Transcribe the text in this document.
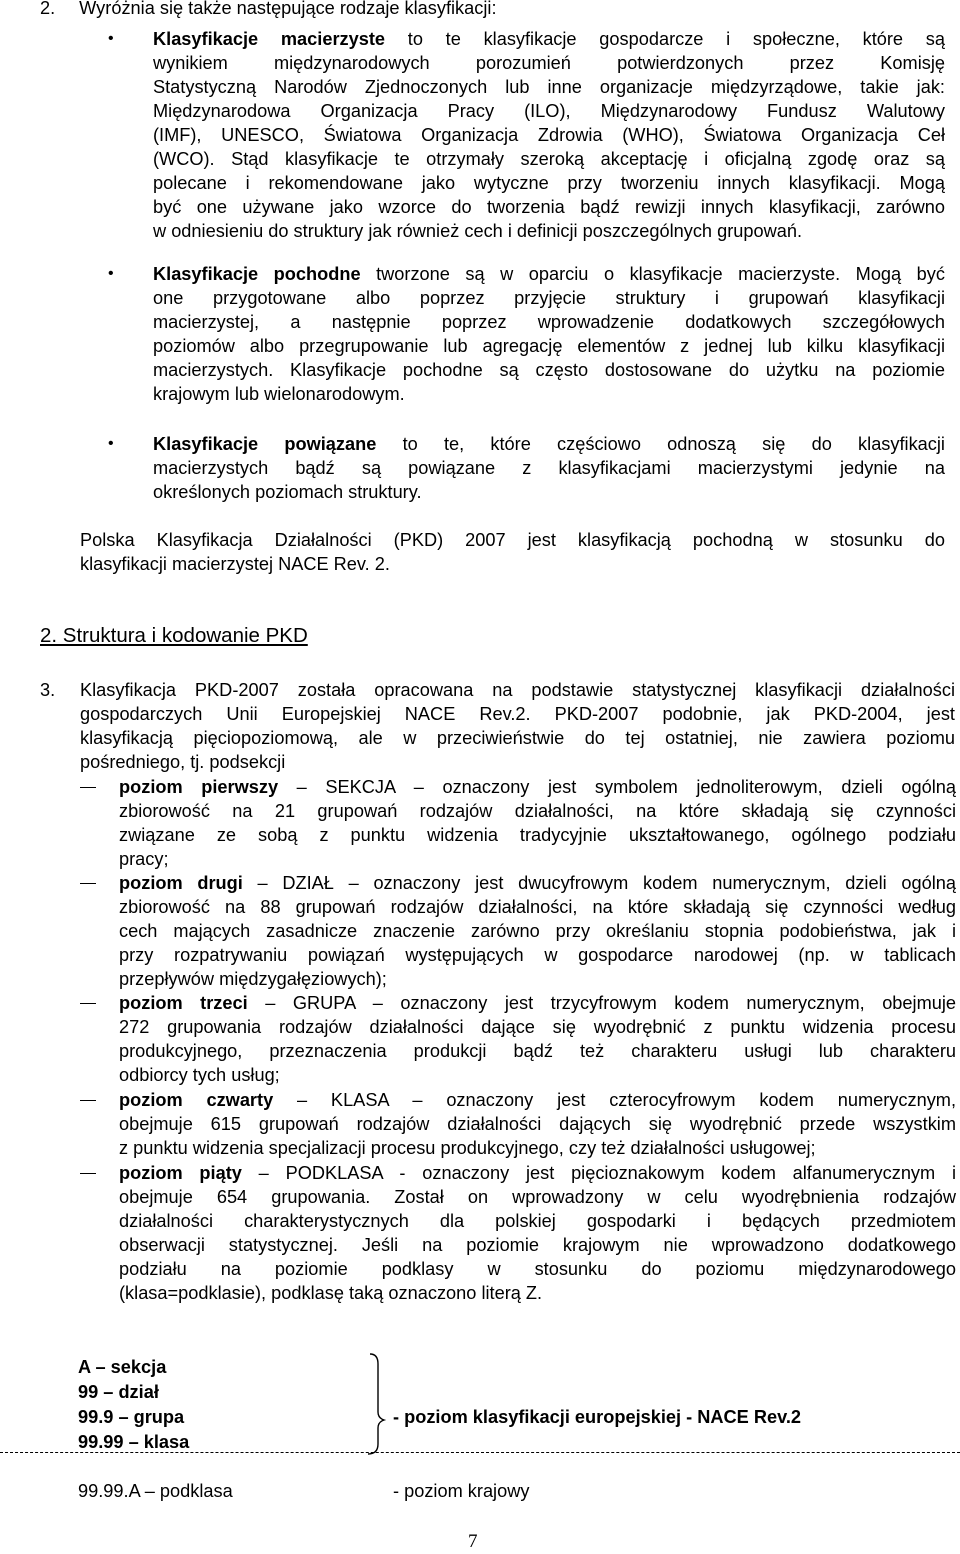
2. Wyróżnia się także następujące rodzaje klasyfikacji:
• Klasyfikacje macierzyste to te klasyfikacje gospodarcze i społeczne, które są
wynikiem międzynarodowych porozumień potwierdzonych przez Komisję
Statystyczną Narodów Zjednoczonych lub inne organizacje międzyrządowe, takie jak:
Międzynarodowa Organizacja Pracy (ILO), Międzynarodowy Fundusz Walutowy
(IMF), UNESCO, Światowa Organizacja Zdrowia (WHO), Światowa Organizacja Ceł
(WCO). Stąd klasyfikacje te otrzymały szeroką akceptację i oficjalną zgodę oraz są
polecane i rekomendowane jako wytyczne przy tworzeniu innych klasyfikacji. Mogą
być one używane jako wzorce do tworzenia bądź rewizji innych klasyfikacji, zarówno
w odniesieniu do struktury jak również cech i definicji poszczególnych grupowań.
• Klasyfikacje pochodne tworzone są w oparciu o klasyfikacje macierzyste. Mogą być
one przygotowane albo poprzez przyjęcie struktury i grupowań klasyfikacji
macierzystej, a następnie poprzez wprowadzenie dodatkowych szczegółowych
poziomów albo przegrupowanie lub agregację elementów z jednej lub kilku klasyfikacji
macierzystych. Klasyfikacje pochodne są często dostosowane do użytku na poziomie
krajowym lub wielonarodowym.
• Klasyfikacje powiązane to te, które częściowo odnoszą się do klasyfikacji
macierzystych bądź są powiązane z klasyfikacjami macierzystymi jedynie na
określonych poziomach struktury.
Polska Klasyfikacja Działalności (PKD) 2007 jest klasyfikacją pochodną w stosunku do
klasyfikacji macierzystej NACE Rev. 2.
2. Struktura i kodowanie PKD
3. Klasyfikacja PKD-2007 została opracowana na podstawie statystycznej klasyfikacji działalności
gospodarczych Unii Europejskiej NACE Rev.2. PKD-2007 podobnie, jak PKD-2004, jest
klasyfikacją pięciopoziomową, ale w przeciwieństwie do tej ostatniej, nie zawiera poziomu
pośredniego, tj. podsekcji
poziom pierwszy – SEKCJA – oznaczony jest symbolem jednoliterowym, dzieli ogólną
zbiorowość na 21 grupowań rodzajów działalności, na które składają się czynności
związane ze sobą z punktu widzenia tradycyjnie ukształtowanego, ogólnego podziału
pracy;
poziom drugi – DZIAŁ – oznaczony jest dwucyfrowym kodem numerycznym, dzieli ogólną
zbiorowość na 88 grupowań rodzajów działalności, na które składają się czynności według
cech mających zasadnicze znaczenie zarówno przy określaniu stopnia podobieństwa, jak i
przy rozpatrywaniu powiązań występujących w gospodarce narodowej (np. w tablicach
przepływów międzygałęziowych);
poziom trzeci – GRUPA – oznaczony jest trzycyfrowym kodem numerycznym, obejmuje
272 grupowania rodzajów działalności dające się wyodrębnić z punktu widzenia procesu
produkcyjnego, przeznaczenia produkcji bądź też charakteru usługi lub charakteru
odbiorcy tych usług;
poziom czwarty – KLASA – oznaczony jest czterocyfrowym kodem numerycznym,
obejmuje 615 grupowań rodzajów działalności dających się wyodrębnić przede wszystkim
z punktu widzenia specjalizacji procesu produkcyjnego, czy też działalności usługowej;
poziom piąty – PODKLASA - oznaczony jest pięcioznakowym kodem alfanumerycznym i
obejmuje 654 grupowania. Został on wprowadzony w celu wyodrębnienia rodzajów
działalności charakterystycznych dla polskiej gospodarki i będących przedmiotem
obserwacji statystycznej. Jeśli na poziomie krajowym nie wprowadzono dodatkowego
podziału na poziomie podklasy w stosunku do poziomu międzynarodowego
(klasa=podklasie), podklasę taką oznaczono literą Z.
A – sekcja
99 – dział
99.9 – grupa
99.99 – klasa
- poziom klasyfikacji europejskiej - NACE Rev.2
99.99.A – podklasa	- poziom krajowy
7
